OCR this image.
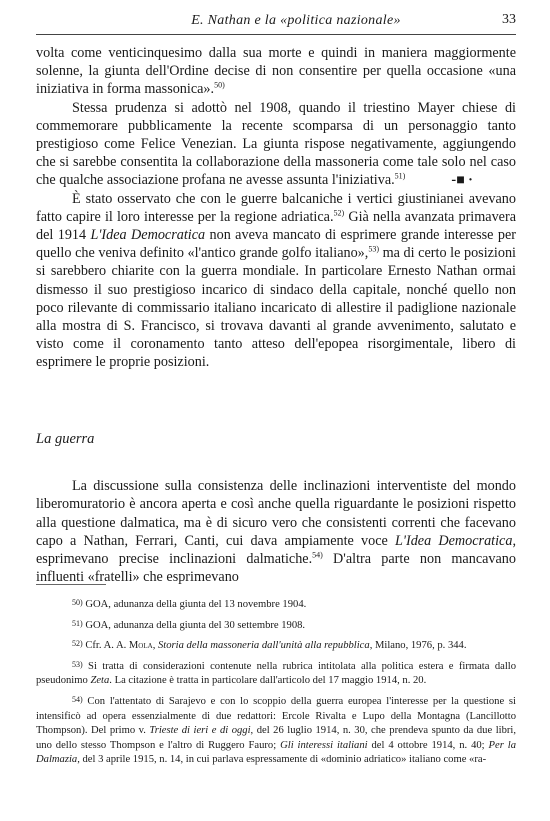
E. Nathan e la «politica nazionale»	33

volta come venticinquesimo dalla sua morte e quindi in maniera maggiormente solenne, la giunta dell'Ordine decise di non consentire per quella occasione «una iniziativa in forma massonica».$^{50)}$

Stessa prudenza si adottò nel 1908, quando il triestino Mayer chiese di commemorare pubblicamente la recente scomparsa di un personaggio tanto prestigioso come Felice Venezian. La giunta rispose negativamente, aggiungendo che si sarebbe consentita la collaborazione della massoneria come tale solo nel caso che qualche associazione profana ne avesse assunta l'iniziativa.$^{51)}$	-■ ·

È stato osservato che con le guerre balcaniche i vertici giustinianei avevano fatto capire il loro interesse per la regione adriatica.$^{52)}$ Già nella avanzata primavera del 1914 L'Idea Democratica non aveva mancato di esprimere grande interesse per quello che veniva definito «l'antico grande golfo italiano»,$^{53)}$ ma di certo le posizioni si sarebbero chiarite con la guerra mondiale. In particolare Ernesto Nathan ormai dismesso il suo prestigioso incarico di sindaco della capitale, nonché quello non poco rilevante di commissario italiano incaricato di allestire il padiglione nazionale alla mostra di S. Francisco, si trovava davanti al grande avvenimento, salutato e visto come il coronamento tanto atteso dell'epopea risorgimentale, libero di esprimere le proprie posizioni.

La guerra

La discussione sulla consistenza delle inclinazioni interventiste del mondo liberomuratorio è ancora aperta e così anche quella riguardante le posizioni rispetto alla questione dalmatica, ma è di sicuro vero che consistenti correnti che facevano capo a Nathan, Ferrari, Canti, cui dava ampiamente voce L'Idea Democratica, esprimevano precise inclinazioni dalmatiche.$^{54)}$ D'altra parte non mancavano influenti «fratelli» che esprimevano

50) GOA, adunanza della giunta del 13 novembre 1904.

51) GOA, adunanza della giunta del 30 settembre 1908.

52) Cfr. A. A. Mola, Storia della massoneria dall'unità alla repubblica, Milano, 1976, p. 344.

53) Si tratta di considerazioni contenute nella rubrica intitolata alla politica estera e firmata dallo pseudonimo Zeta. La citazione è tratta in particolare dall'articolo del 17 maggio 1914, n. 20.

54) Con l'attentato di Sarajevo e con lo scoppio della guerra europea l'interesse per la questione si intensificò ad opera essenzialmente di due redattori: Ercole Rivalta e Lupo della Montagna (Lancillotto Thompson). Del primo v. Trieste di ieri e di oggi, del 26 luglio 1914, n. 30, che prendeva spunto da due libri, uno dello stesso Thompson e l'altro di Ruggero Fauro; Gli interessi italiani del 4 ottobre 1914, n. 40; Per la Dalmazia, del 3 aprile 1915, n. 14, in cui parlava espressamente di «dominio adriatico» italiano come «ra-
